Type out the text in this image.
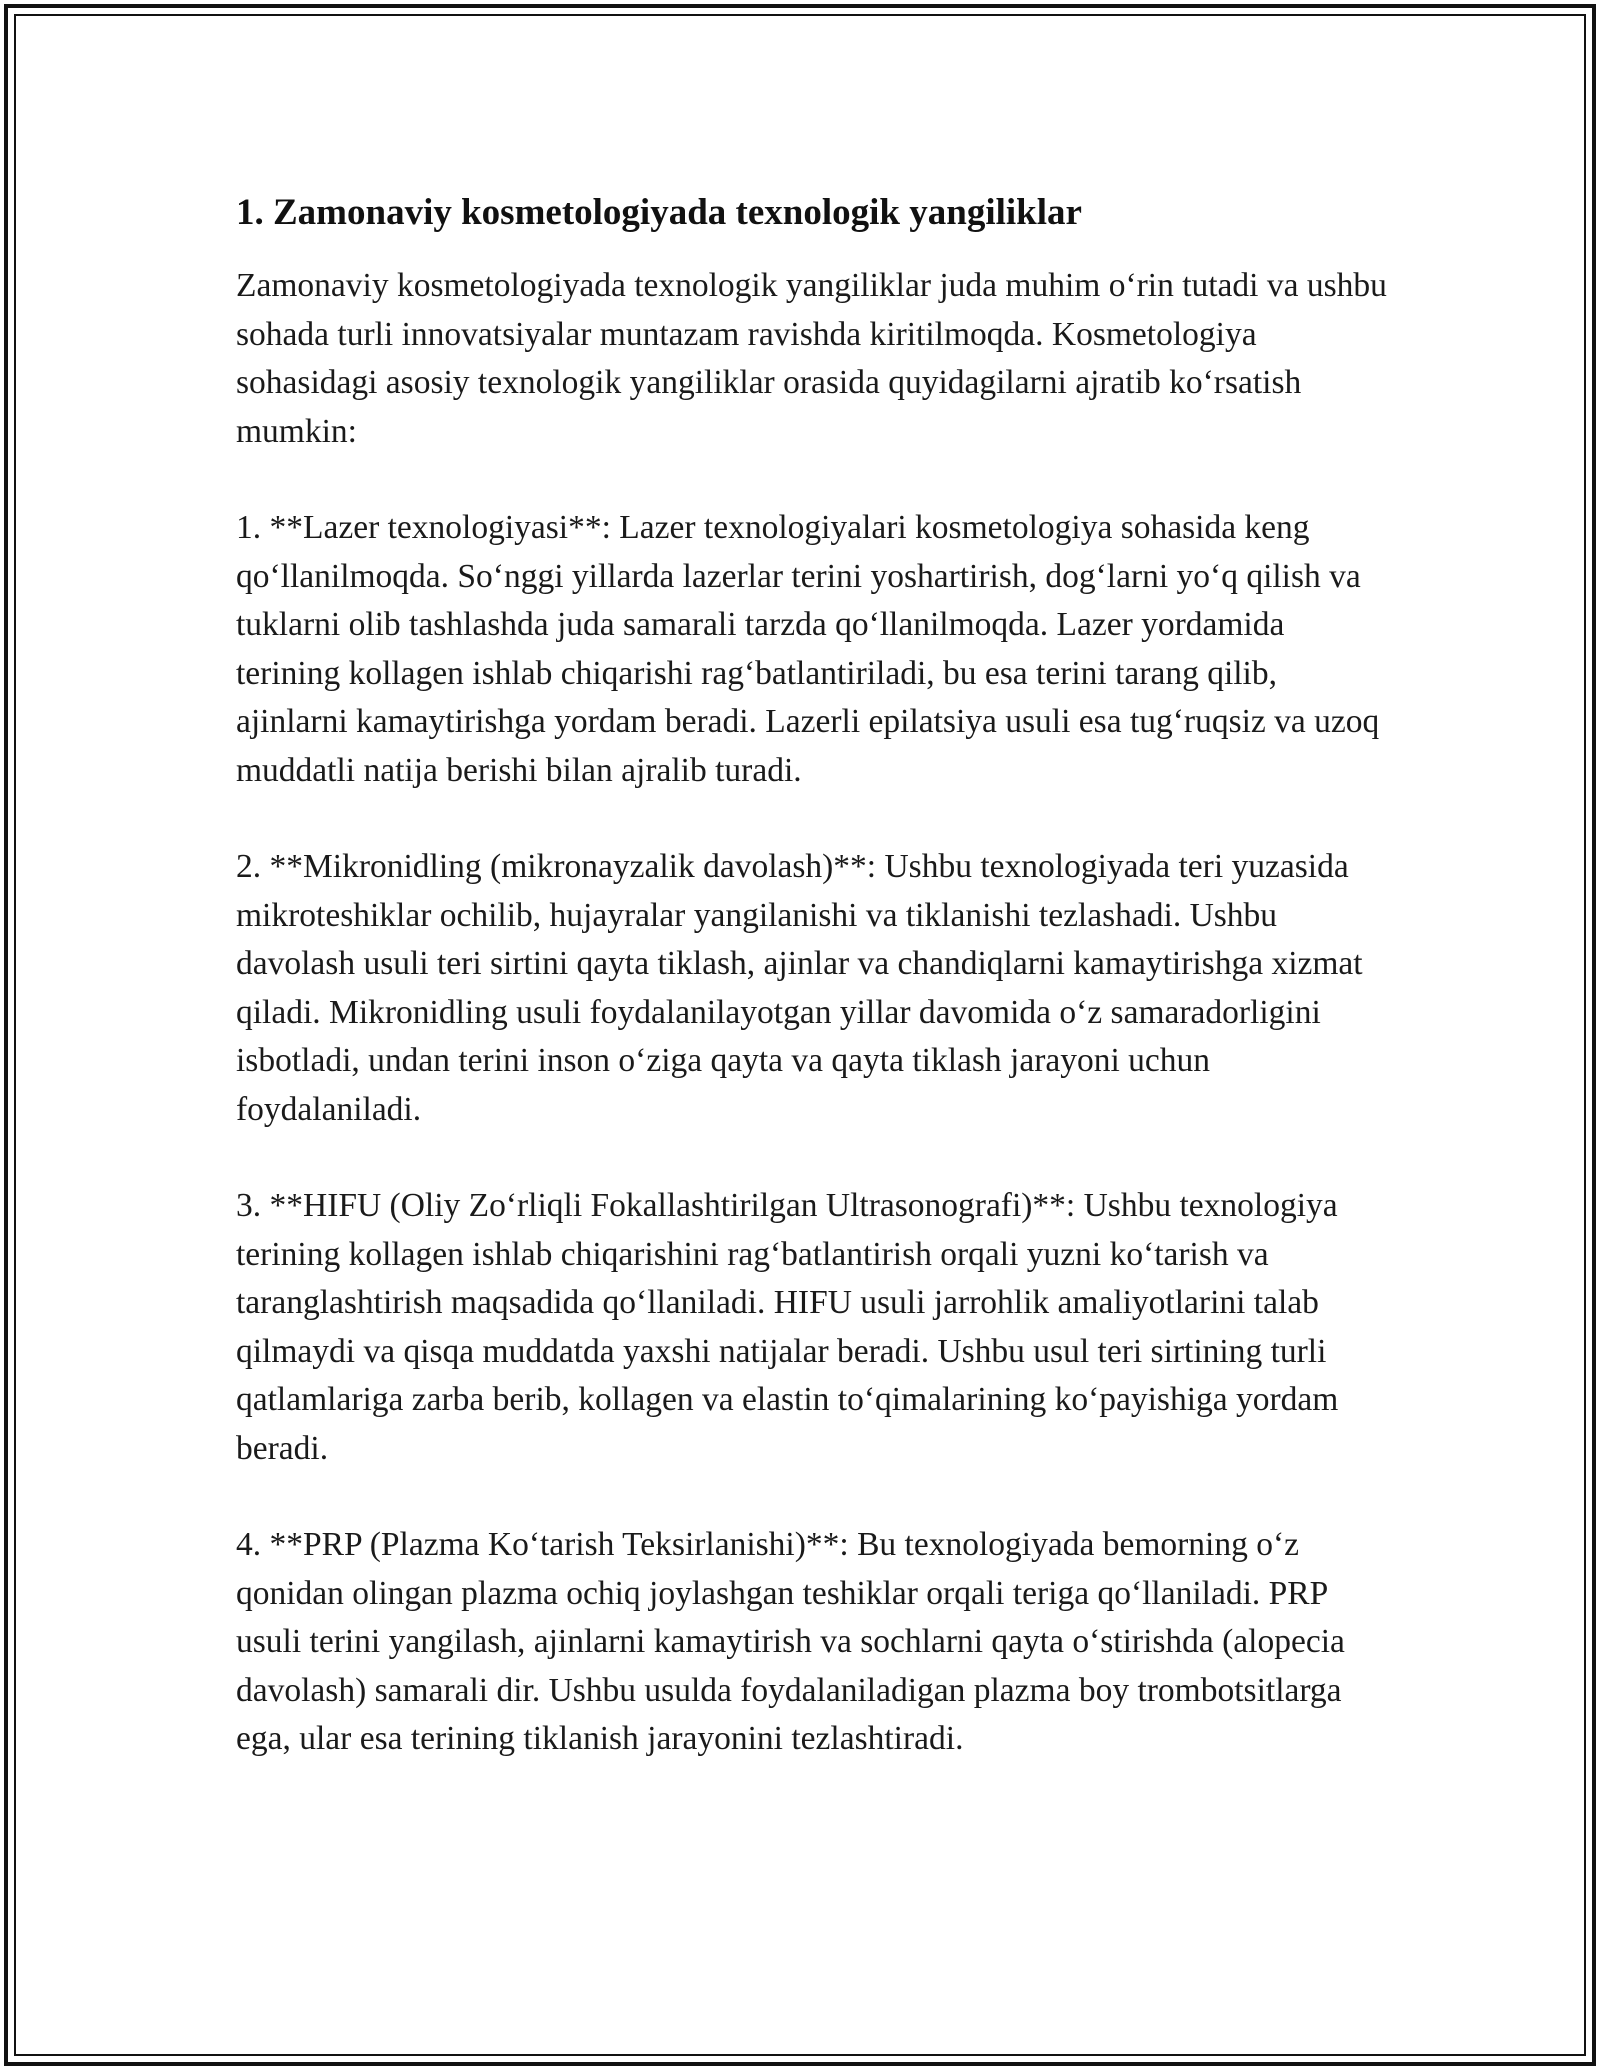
1. Zamonaviy kosmetologiyada texnologik yangiliklar

Zamonaviy kosmetologiyada texnologik yangiliklar juda muhim o‘rin tutadi va ushbu sohada turli innovatsiyalar muntazam ravishda kiritilmoqda. Kosmetologiya sohasidagi asosiy texnologik yangiliklar orasida quyidagilarni ajratib ko‘rsatish mumkin:

1. **Lazer texnologiyasi**: Lazer texnologiyalari kosmetologiya sohasida keng qo‘llanilmoqda. So‘nggi yillarda lazerlar terini yoshartirish, dog‘larni yo‘q qilish va tuklarni olib tashlashda juda samarali tarzda qo‘llanilmoqda. Lazer yordamida terining kollagen ishlab chiqarishi rag‘batlantiriladi, bu esa terini tarang qilib, ajinlarni kamaytirishga yordam beradi. Lazerli epilatsiya usuli esa tug‘ruqsiz va uzoq muddatli natija berishi bilan ajralib turadi.

2. **Mikronidling (mikronayzalik davolash)**: Ushbu texnologiyada teri yuzasida mikroteshiklar ochilib, hujayralar yangilanishi va tiklanishi tezlashadi. Ushbu davolash usuli teri sirtini qayta tiklash, ajinlar va chandiqlarni kamaytirishga xizmat qiladi. Mikronidling usuli foydalanilayotgan yillar davomida o‘z samaradorligini isbotladi, undan terini inson o‘ziga qayta va qayta tiklash jarayoni uchun foydalaniladi.

3. **HIFU (Oliy Zo‘rliqli Fokallashtirilgan Ultrasonografi)**: Ushbu texnologiya terining kollagen ishlab chiqarishini rag‘batlantirish orqali yuzni ko‘tarish va taranglashtirish maqsadida qo‘llaniladi. HIFU usuli jarrohlik amaliyotlarini talab qilmaydi va qisqa muddatda yaxshi natijalar beradi. Ushbu usul teri sirtining turli qatlamlariga zarba berib, kollagen va elastin to‘qimalarining ko‘payishiga yordam beradi.

4. **PRP (Plazma Ko‘tarish Teksirlanishi)**: Bu texnologiyada bemorning o‘z qonidan olingan plazma ochiq joylashgan teshiklar orqali teriga qo‘llaniladi. PRP usuli terini yangilash, ajinlarni kamaytirish va sochlarni qayta o‘stirishda (alopecia davolash) samarali dir. Ushbu usulda foydalaniladigan plazma boy trombotsitlarga ega, ular esa terining tiklanish jarayonini tezlashtiradi.
